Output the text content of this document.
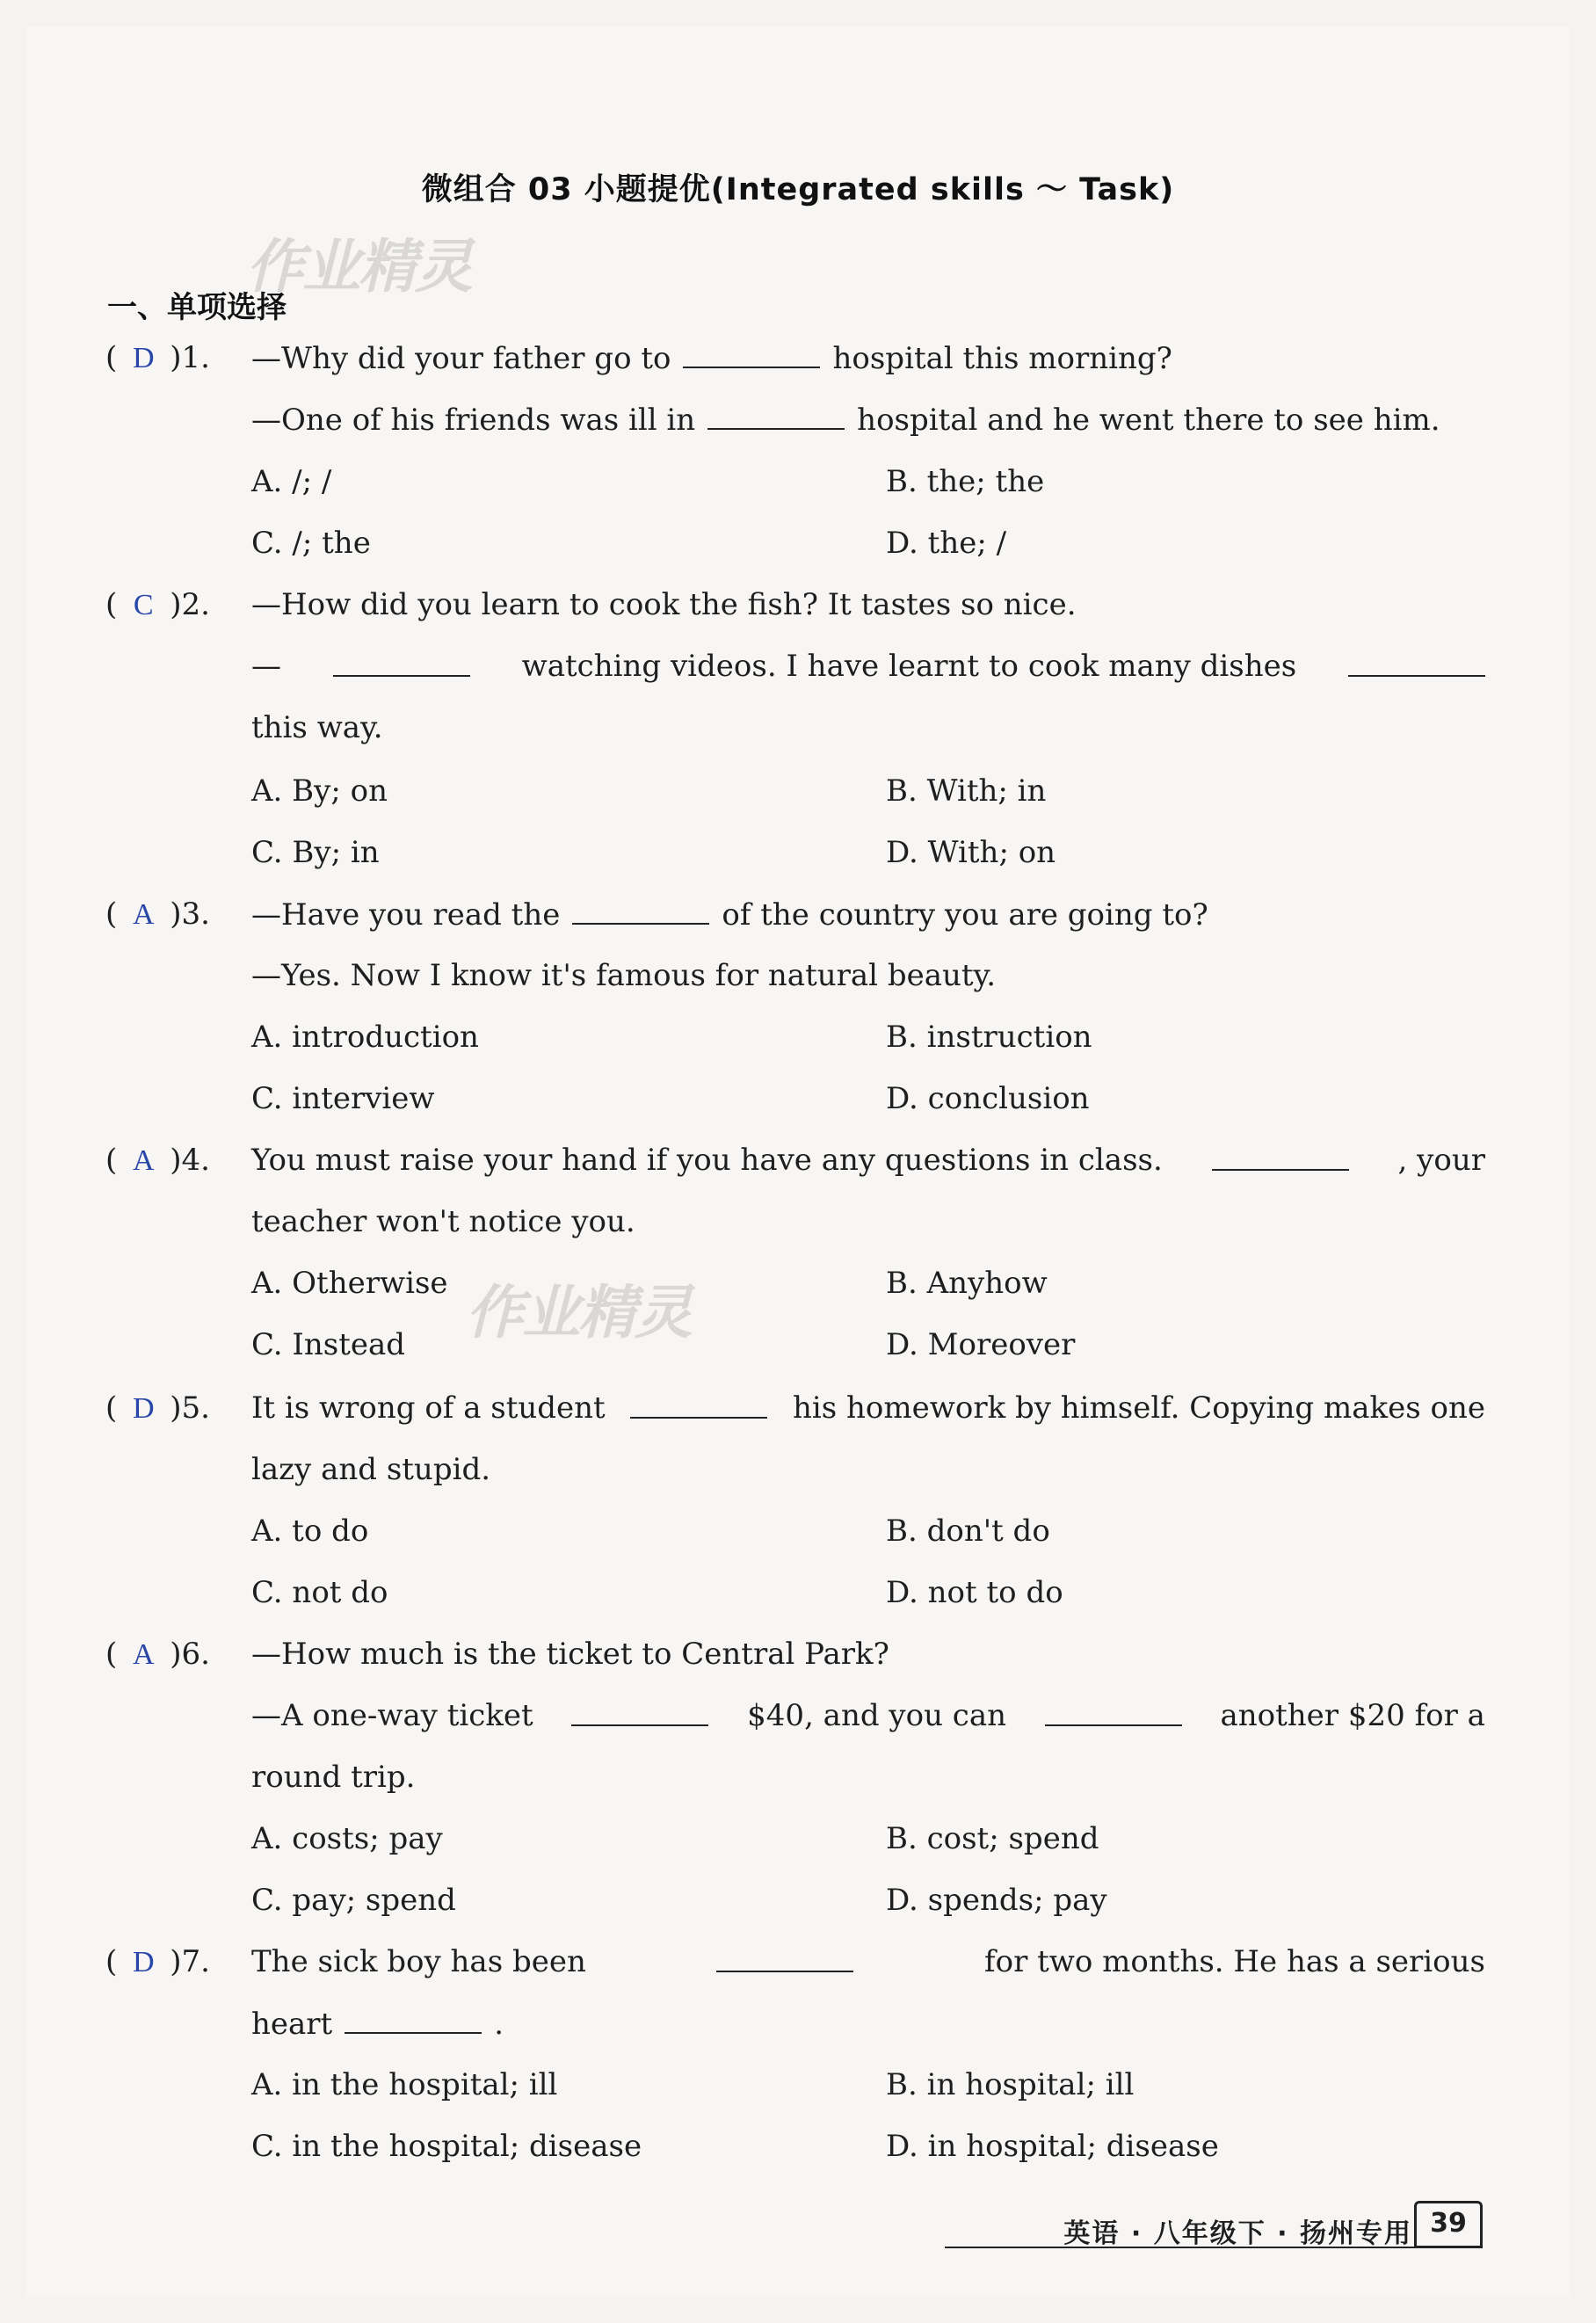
微组合 03 小题提优(Integrated skills ～ Task)
作业精灵
作业精灵
一、单项选择
( D )1. —Why did your father go to	hospital this morning?
—One of his friends was ill in	hospital and he went there to see him.
A. /; /	B. the; the
C. /; the	D. the; /
( C )2. —How did you learn to cook the fish? It tastes so nice.
—	watching videos. I have learnt to cook many dishes
this way.
A. By; on	B. With; in
C. By; in	D. With; on
( A )3. —Have you read the	of the country you are going to?
—Yes. Now I know it's famous for natural beauty.
A. introduction	B. instruction
C. interview	D. conclusion
( A )4. You must raise your hand if you have any questions in class.	, your
teacher won't notice you.
A. Otherwise	B. Anyhow
C. Instead	D. Moreover
( D )5. It is wrong of a student	his homework by himself. Copying makes one
lazy and stupid.
A. to do	B. don't do
C. not do	D. not to do
( A )6. —How much is the ticket to Central Park?
—A one-way ticket	$40, and you can	another $20 for a
round trip.
A. costs; pay	B. cost; spend
C. pay; spend	D. spends; pay
( D )7. The sick boy has been	for two months. He has a serious
heart	.
A. in the hospital; ill	B. in hospital; ill
C. in the hospital; disease	D. in hospital; disease
英语 · 八年级下 · 扬州专用 39
